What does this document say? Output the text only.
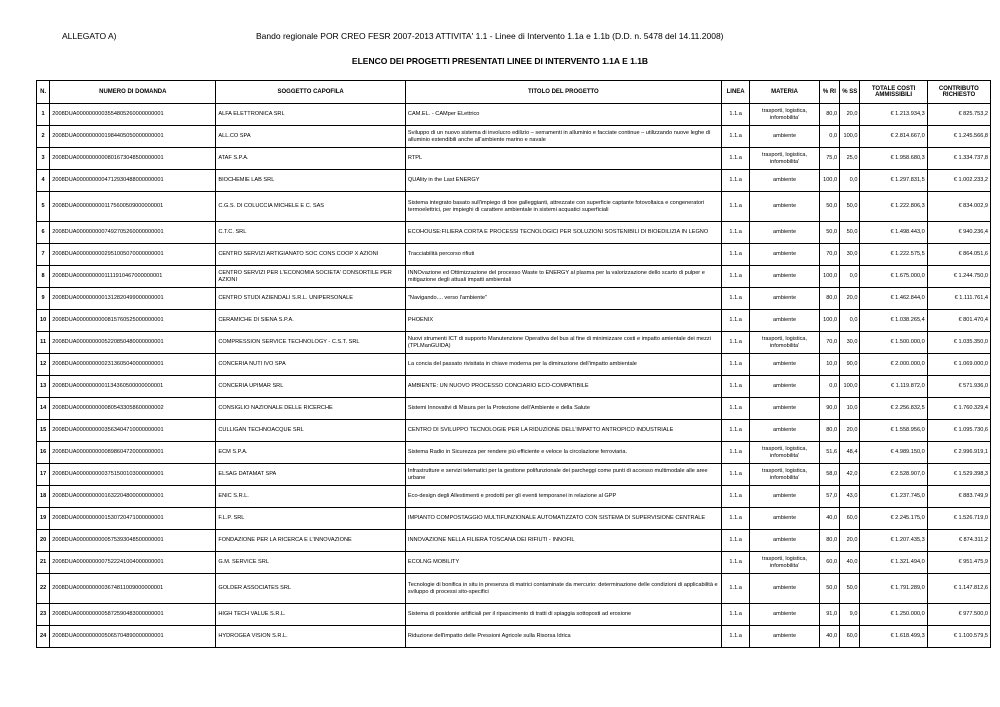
ALLEGATO A)	Bando regionale POR CREO FESR 2007-2013 ATTIVITA' 1.1 - Linee di Intervento 1.1a e 1.1b (D.D. n. 5478 del 14.11.2008)
ELENCO DEI PROGETTI PRESENTATI LINEE DI INTERVENTO 1.1A E 1.1B
N.	NUMERO DI DOMANDA	SOGGETTO CAPOFILA	TITOLO DEL PROGETTO	LINEA	MATERIA	% RI	% SS	TOTALE COSTI AMMISSIBILI	CONTRIBUTO RICHIESTO
1	2008DUA0000000003554805260000000001	ALFA ELETTRONICA SRL	CAM.EL. - CAMper ELettrico	1.1.a	trasporti, logistica, infomobilita'	80,0	20,0	€ 1.213.934,3	€ 825.753,2
2	2008DUA0000000001984405050000000001	ALL.CO SPA	Sviluppo di un nuovo sistema di involucro edilizio – serramenti in alluminio e facciate continue – utilizzando nuove leghe di alluminio estendibili anche all'ambiente marino e navale	1.1.a	ambiente	0,0	100,0	€ 2.814.667,0	€ 1.245.566,8
3	2008DUA0000000000801673048500000001	ATAF S.P.A.	RTPL	1.1.a	trasporti, logistica, infomobilita'	75,0	25,0	€ 1.958.680,3	€ 1.334.737,8
4	2008DUA0000000004712930488000000001	BIOCHEMIE LAB SRL	QUAlity in the Last ENERGY	1.1.a	ambiente	100,0	0,0	€ 1.297.831,5	€ 1.002.233,2
5	2008DUA0000000001175600509000000001	C.G.S. DI COLUCCIA MICHELE E C. SAS	Sistema integrato basato sull'impiego di boe galleggianti, attrezzate con superficie captante fotovoltaica e congeneratori termoelettrici, per impieghi di carattere ambientale in sistemi acquatici superficiali	1.1.a	ambiente	50,0	50,0	€ 1.222.806,3	€ 834.002,9
6	2008DUA0000000007492705260000000001	C.T.C. SRL	ECOHOUSE:FILIERA CORTA E PROCESSI TECNOLOGICI PER SOLUZIONI SOSTENIBILI DI BIOEDILIZIA IN LEGNO	1.1.a	ambiente	50,0	50,0	€ 1.498.443,0	€ 940.236,4
7	2008DUA0000000002951005070000000001	CENTRO SERVIZI ARTIGIANATO SOC CONS COOP X AZIONI	Tracciabilità percorso rifiuti	1.1.a	ambiente	70,0	30,0	€ 1.222.575,5	€ 864.051,6
8	2008DUA0000000001111910467000000001	CENTRO SERVIZI PER L'ECONOMIA SOCIETA' CONSORTILE PER AZIONI	INNOvazione ed Ottimizzazione del processo Waste to ENERGY al plasma per la valorizzazione dello scarto di pulper e mitigazione degli attuali impatti ambientali	1.1.a	ambiente	100,0	0,0	€ 1.675.000,0	€ 1.244.750,0
9	2008DUA0000000001312820499000000001	CENTRO STUDI AZIENDALI S.R.L. UNIPERSONALE	"Navigando.... verso l'ambiente"	1.1.a	ambiente	80,0	20,0	€ 1.462.844,0	€ 1.111.761,4
10	2008DUA0000000000815760525000000001	CERAMICHE DI SIENA S.P.A.	PHOENIX	1.1.a	ambiente	100,0	0,0	€ 1.038.265,4	€ 801.470,4
11	2008DUA0000000005220850480000000001	COMPRESSION SERVICE TECHNOLOGY - C.S.T. SRL	Nuovi strumenti ICT di supporto Manutenzione Operativa del bus al fine di minimizzare costi e impatto amientale dei mezzi (TPLManGUIDA)	1.1.a	trasporti, logistica, infomobilita'	70,0	30,0	€ 1.500.000,0	€ 1.035.350,0
12	2008DUA0000000002313605040000000001	CONCERIA NUTI IVO SPA	La concia del passato rivisitata in chiave moderna per la diminuzione dell'impatto ambientale	1.1.a	ambiente	10,0	90,0	€ 2.000.000,0	€ 1.069.000,0
13	2008DUA0000000001134360500000000001	CONCERIA UPIMAR SRL	AMBIENTE: UN NUOVO PROCESSO CONCIARIO ECO-COMPATIBILE	1.1.a	ambiente	0,0	100,0	€ 1.119.872,0	€ 571.936,0
14	2008DUA0000000000805433058600000002	CONSIGLIO NAZIONALE DELLE RICERCHE	Sistemi Innovativi di Misura per la Protezione dell'Ambiente e della Salute	1.1.a	ambiente	90,0	10,0	€ 2.256.832,5	€ 1.760.329,4
15	2008DUA0000000003563404710000000001	CULLIGAN TECHNOACQUE SRL	CENTRO DI SVILUPPO TECNOLOGIE PER LA RIDUZIONE DELL'IMPATTO ANTROPICO INDUSTRIALE	1.1.a	ambiente	80,0	20,0	€ 1.558.956,0	€ 1.095.730,6
16	2008DUA0000000000898604720000000001	ECM S.P.A.	Sistema Radio in Sicurezza per rendere più efficiente e veloce la circolazione ferroviaria.	1.1.a	trasporti, logistica, infomobilita'	51,6	48,4	€ 4.989.150,0	€ 2.996.919,1
17	2008DUA0000000003751500103000000001	ELSAG DATAMAT SPA	Infrastrutture e servizi telematici per la gestione polifunzionale dei parcheggi come punti di accesso multimodale alle aree urbane	1.1.a	trasporti, logistica, infomobilita'	58,0	42,0	€ 2.528.907,0	€ 1.529.398,3
18	2008DUA0000000001632204800000000001	ENIC S.R.L.	Eco-design degli Allestimenti e prodotti per gli eventi temporanei in relazione al GPP	1.1.a	ambiente	57,0	43,0	€ 1.237.745,0	€ 883.749,9
19	2008DUA0000000001530720471000000001	F.L.P. SRL	IMPIANTO COMPOSTAGGIO MULTIFUNZIONALE AUTOMATIZZATO CON SISTEMA DI SUPERVISIONE CENTRALE	1.1.a	ambiente	40,0	60,0	€ 2.245.175,0	€ 1.526.719,0
20	2008DUA0000000000575393048500000001	FONDAZIONE PER LA RICERCA E L'INNOVAZIONE	INNOVAZIONE NELLA FILIERA TOSCANA DEI RIFIUTI - INNOFIL	1.1.a	ambiente	80,0	20,0	€ 1.207.435,3	€ 874.311,2
21	2008DUA0000000007522241004000000001	G.M. SERVICE SRL	ECOLNG MOBILITY	1.1.a	trasporti, logistica, infomobilita'	60,0	40,0	€ 1.321.494,0	€ 951.475,9
22	2008DUA0000000003674811009000000001	GOLDER ASSOCIATES SRL	Tecnologie di bonifica in situ in presenza di matrici contaminate da mercurio: determinazione delle condizioni di applicabilità e sviluppo di processi sito-specifici	1.1.a	ambiente	50,0	50,0	€ 1.791.289,0	€ 1.147.812,6
23	2008DUA0000000005872590483000000001	HIGH TECH VALUE S.R.L.	Sistema di posidonie artificiali per il ripascimento di tratti di spiaggia sottoposti ad erosione	1.1.a	ambiente	91,0	9,0	€ 1.250.000,0	€ 977.500,0
24	2008DUA0000000005065704890000000001	HYDROGEA VISION S.R.L.	Riduzione dell'impatto delle Pressioni Agricole sulla Risorsa Idrica	1.1.a	ambiente	40,0	60,0	€ 1.618.499,3	€ 1.100.579,5
